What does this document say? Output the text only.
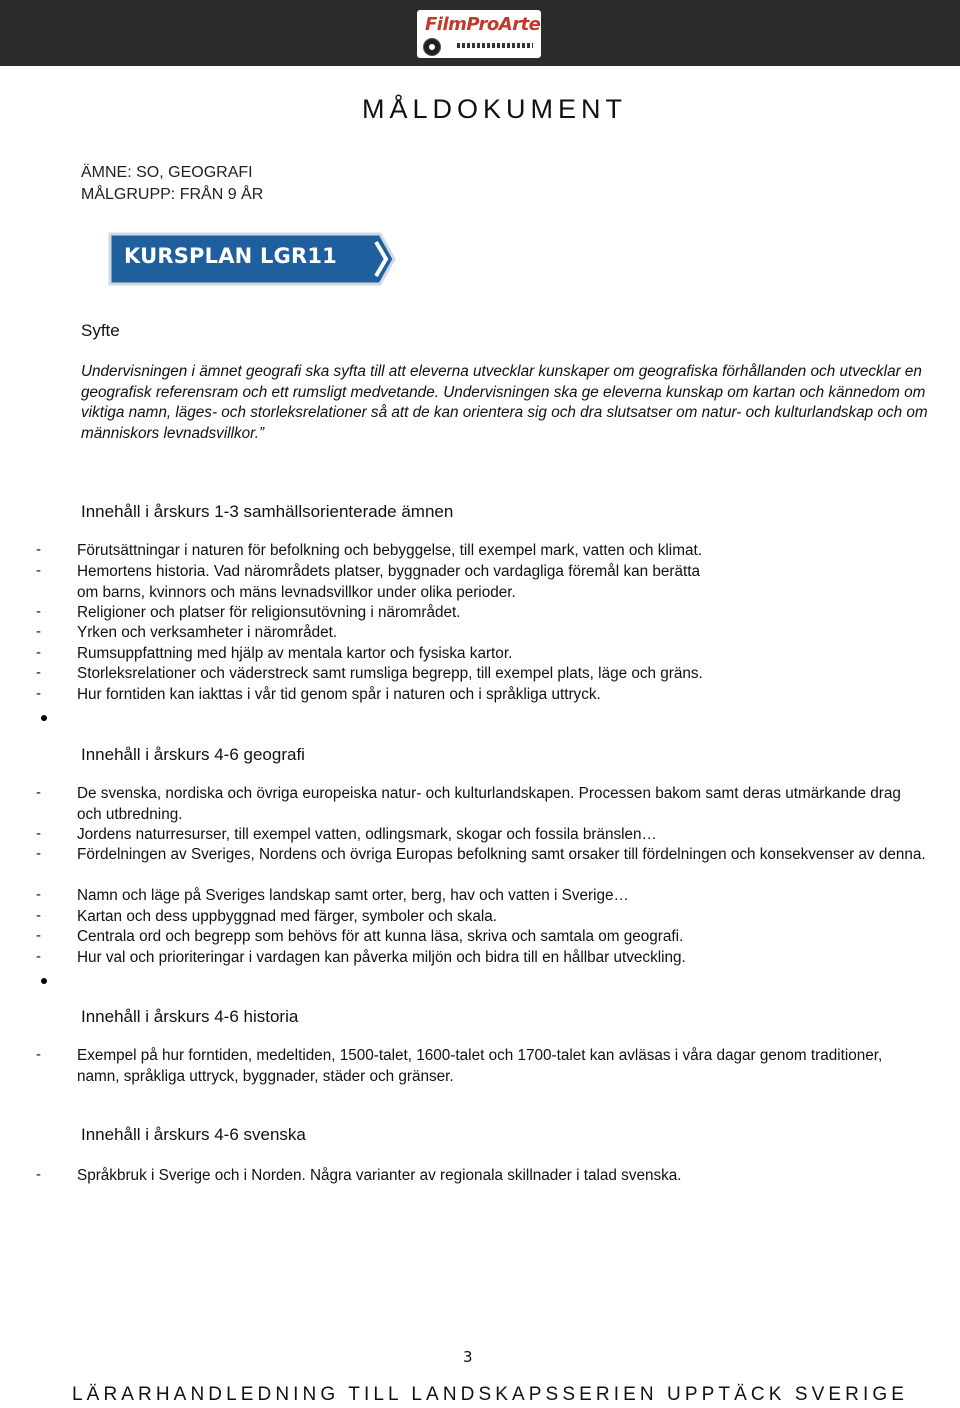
FilmProArte
MÅLDOKUMENT
ÄMNE: SO, GEOGRAFI
MÅLGRUPP: FRÅN 9 ÅR
KURSPLAN LGR11
Syfte
Undervisningen i ämnet geografi ska syfta till att eleverna utvecklar kunskaper om geografiska förhållanden och utvecklar en geografisk referensram och ett rumsligt medvetande. Undervisningen ska ge eleverna kunskap om kartan och kännedom om viktiga namn, läges- och storleksrelationer så att de kan orientera sig och dra slutsatser om natur- och kulturlandskap och om människors levnadsvillkor.”
Innehåll i årskurs 1-3 samhällsorienterade ämnen
- Förutsättningar i naturen för befolkning och bebyggelse, till exempel mark, vatten och klimat.
- Hemortens historia. Vad närområdets platser, byggnader och vardagliga föremål kan berätta om barns, kvinnors och mäns levnadsvillkor under olika perioder.
- Religioner och platser för religionsutövning i närområdet.
- Yrken och verksamheter i närområdet.
- Rumsuppfattning med hjälp av mentala kartor och fysiska kartor.
- Storleksrelationer och väderstreck samt rumsliga begrepp, till exempel plats, läge och gräns.
- Hur forntiden kan iakttas i vår tid genom spår i naturen och i språkliga uttryck.
Innehåll i årskurs 4-6 geografi
- De svenska, nordiska och övriga europeiska natur- och kulturlandskapen. Processen bakom samt deras utmärkande drag och utbredning.
- Jordens naturresurser, till exempel vatten, odlingsmark, skogar och fossila bränslen…
- Fördelningen av Sveriges, Nordens och övriga Europas befolkning samt orsaker till fördelningen och konsekvenser av denna.
- Namn och läge på Sveriges landskap samt orter, berg, hav och vatten i Sverige…
- Kartan och dess uppbyggnad med färger, symboler och skala.
- Centrala ord och begrepp som behövs för att kunna läsa, skriva och samtala om geografi.
- Hur val och prioriteringar i vardagen kan påverka miljön och bidra till en hållbar utveckling.
Innehåll i årskurs 4-6 historia
- Exempel på hur forntiden, medeltiden, 1500-talet, 1600-talet och 1700-talet kan avläsas i våra dagar genom traditioner, namn, språkliga uttryck, byggnader, städer och gränser.
Innehåll i årskurs 4-6 svenska
- Språkbruk i Sverige och i Norden. Några varianter av regionala skillnader i talad svenska.
3
LÄRARHANDLEDNING TILL LANDSKAPSSERIEN UPPTÄCK SVERIGE
